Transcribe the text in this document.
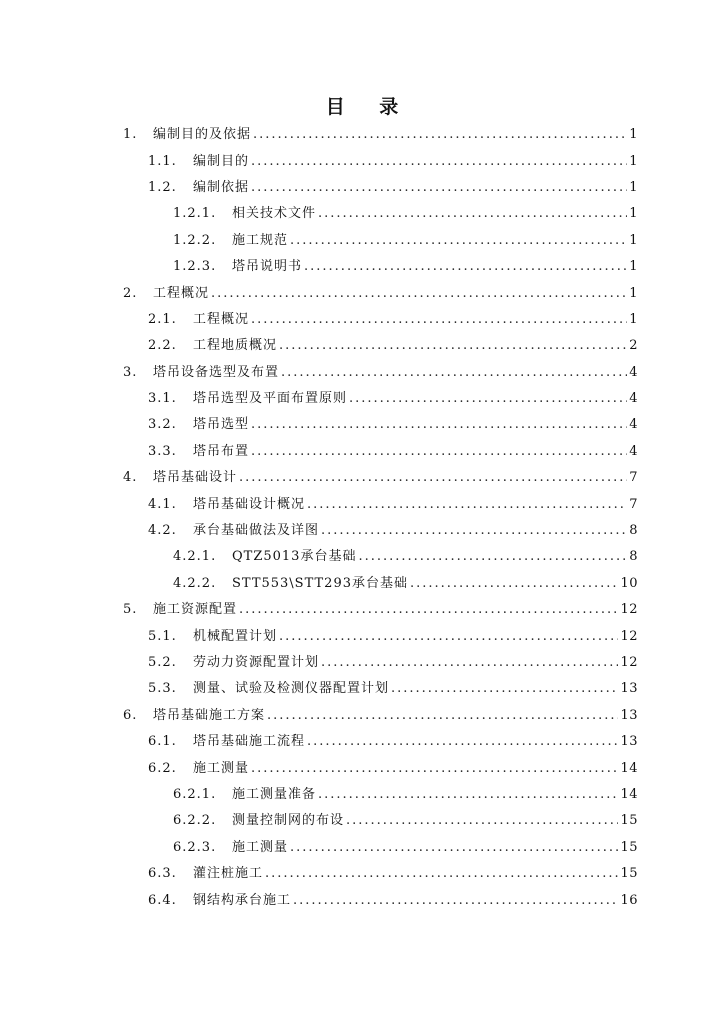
目 录
1.	编制目的及依据 .....	1
1.1.	编制目的 .....	1
1.2.	编制依据 .....	1
1.2.1.	相关技术文件 .....	1
1.2.2.	施工规范 .....	1
1.2.3.	塔吊说明书 .....	1
2.	工程概况 .....	1
2.1.	工程概况 .....	1
2.2.	工程地质概况 .....	2
3.	塔吊设备选型及布置 .....	4
3.1.	塔吊选型及平面布置原则 .....	4
3.2.	塔吊选型 .....	4
3.3.	塔吊布置 .....	4
4.	塔吊基础设计 .....	7
4.1.	塔吊基础设计概况 .....	7
4.2.	承台基础做法及详图 .....	8
4.2.1.	QTZ5013承台基础 .....	8
4.2.2.	STT553\STT293承台基础 .....	10
5.	施工资源配置 .....	12
5.1.	机械配置计划 .....	12
5.2.	劳动力资源配置计划 .....	12
5.3.	测量、试验及检测仪器配置计划 .....	13
6.	塔吊基础施工方案 .....	13
6.1.	塔吊基础施工流程 .....	13
6.2.	施工测量 .....	14
6.2.1.	施工测量准备 .....	14
6.2.2.	测量控制网的布设 .....	15
6.2.3.	施工测量 .....	15
6.3.	灌注桩施工 .....	15
6.4.	钢结构承台施工 .....	16
